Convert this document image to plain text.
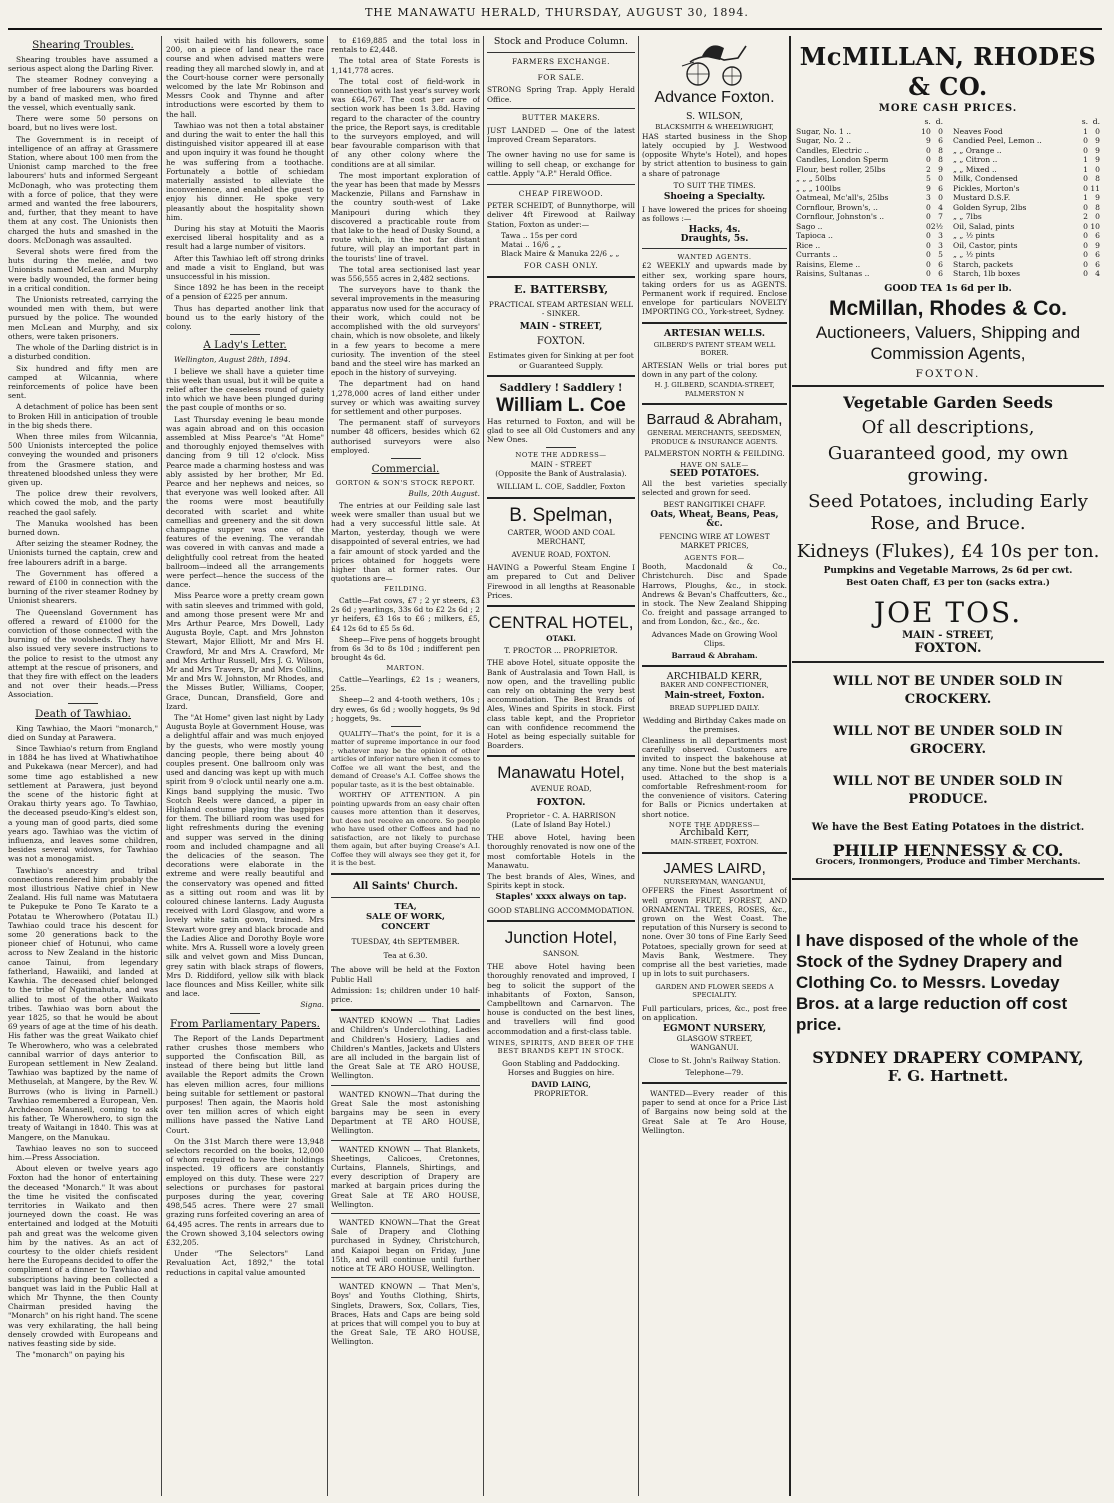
THE MANAWATU HERALD, THURSDAY, AUGUST 30, 1894.
Shearing Troubles.

Shearing troubles have assumed a serious aspect along the Darling River.

The steamer Rodney conveying a number of free labourers was boarded by a band of masked men, who fired the vessel, which eventually sank.

There were some 50 persons on board, but no lives were lost.

The Government is in receipt of intelligence of an affray at Grassmere Station, where about 100 men from the Unionist camp marched to the free labourers' huts and informed Sergeant McDonagh, who was protecting them with a force of police, that they were armed and wanted the free labourers, and, further, that they meant to have them at any cost. The Unionists then charged the huts and smashed in the doors. McDonagh was assaulted.

Several shots were fired from the huts during the melée, and two Unionists named McLean and Murphy were badly wounded, the former being in a critical condition.

The Unionists retreated, carrying the wounded men with them, but were pursued by the police. The wounded men McLean and Murphy, and six others, were taken prisoners.

The whole of the Darling district is in a disturbed condition.

Six hundred and fifty men are camped at Wilcannia, where reinforcements of police have been sent.

A detachment of police has been sent to Broken Hill in anticipation of trouble in the big sheds there.

When three miles from Wilcannia, 500 Unionists intercepted the police conveying the wounded and prisoners from the Grasmere station, and threatened bloodshed unless they were given up.

The police drew their revolvers, which cowed the mob, and the party reached the gaol safely.

The Manuka woolshed has been burned down.

After seizing the steamer Rodney, the Unionists turned the captain, crew and free labourers adrift in a barge.

The Government has offered a reward of £100 in connection with the burning of the river steamer Rodney by Unionist shearers.

The Queensland Government has offered a reward of £1000 for the conviction of those connected with the burning of the woolsheds. They have also issued very severe instructions to the police to resist to the utmost any attempt at the rescue of prisoners, and that they fire with effect on the leaders and not over their heads.—Press Association.

Death of Tawhiao.

King Tawhiao, the Maori "monarch," died on Sunday at Parawera.

Since Tawhiao's return from England in 1884 he has lived at Whatiwhatihoe and Pukekawa (near Mercer), and had some time ago established a new settlement at Parawera, just beyond the scene of the historic fight at Orakau thirty years ago. To Tawhiao, the deceased pseudo-King's eldest son, a young man of good parts, died some years ago. Tawhiao was the victim of influenza, and leaves some children, besides several widows, for Tawhiao was not a monogamist.

Tawhiao's ancestry and tribal connections rendered him probably the most illustrious Native chief in New Zealand. His full name was Matutaera te Pukepuke te Pono Te Karato te a Potatau te Wherowhero (Potatau II.) Tawhiao could trace his descent for some 20 generations back to the pioneer chief of Hotunui, who came across to New Zealand in the historic canoe Tainui, from legendary fatherland, Hawaiiki, and landed at Kawhia. The deceased chief belonged to the tribe of Ngatimahuta, and was allied to most of the other Waikato tribes. Tawhiao was born about the year 1825, so that he would be about 69 years of age at the time of his death. His father was the great Waikato chief Te Wherowhero, who was a celebrated cannibal warrior of days anterior to European settlement in New Zealand. Tawhiao was baptized by the name of Methuselah, at Mangere, by the Rev. W. Burrows (who is living in Parnell.) Tawhiao remembered a European, Ven. Archdeacon Maunsell, coming to ask his father, Te Wherowhero, to sign the treaty of Waitangi in 1840. This was at Mangere, on the Manukau.

Tawhiao leaves no son to succeed him.—Press Association.

About eleven or twelve years ago Foxton had the honor of entertaining the deceased "Monarch." It was about the time he visited the confiscated territories in Waikato and then journeyed down the coast. He was entertained and lodged at the Motuiti pah and great was the welcome given him by the natives. As an act of courtesy to the older chiefs resident here the Europeans decided to offer the compliment of a dinner to Tawhiao and subscriptions having been collected a banquet was laid in the Public Hall at which Mr Thynne, the then County Chairman presided having the "Monarch" on his right hand. The scene was very exhilarating, the hall being densely crowded with Europeans and natives feasting side by side.

The "monarch" on paying his

visit hailed with his followers, some 200, on a piece of land near the race course and when advised matters were reading they all marched slowly in, and at the Court-house corner were personally welcomed by the late Mr Robinson and Messrs Cook and Thynne and after introductions were escorted by them to the hall.

Tawhiao was not then a total abstainer and during the wait to enter the hall this distinguished visitor appeared ill at ease and upon inquiry it was found he thought he was suffering from a toothache. Fortunately a bottle of schiedam materially assisted to alleviate the inconvenience, and enabled the guest to enjoy his dinner. He spoke very pleasantly about the hospitality shown him.

During his stay at Motuiti the Maoris exercised liberal hospitality and as a result had a large number of visitors.

After this Tawhiao left off strong drinks and made a visit to England, but was unsuccessful in his mission.

Since 1892 he has been in the receipt of a pension of £225 per annum.

Thus has departed another link that bound us to the early history of the colony.

A Lady's Letter.

Wellington, August 28th, 1894.

I believe we shall have a quieter time this week than usual, but it will be quite a relief after the ceaseless round of gaiety into which we have been plunged during the past couple of months or so.

Last Thursday evening le beau monde was again abroad and on this occasion assembled at Miss Pearce's "At Home" and thoroughly enjoyed themselves with dancing from 9 till 12 o'clock. Miss Pearce made a charming hostess and was ably assisted by her brother, Mr Ed. Pearce and her nephews and neices, so that everyone was well looked after. All the rooms were most beautifully decorated with scarlet and white camellias and greenery and the sit down champagne supper was one of the features of the evening. The verandah was covered in with canvas and made a delightfully cool retreat from the heated ballroom—indeed all the arrangements were perfect—hence the success of the dance.

Miss Pearce wore a pretty cream gown with satin sleeves and trimmed with gold, and among those present were Mr and Mrs Arthur Pearce, Mrs Dowell, Lady Augusta Boyle, Capt. and Mrs Johnston Stewart, Major Elliott, Mr and Mrs H. Crawford, Mr and Mrs A. Crawford, Mr and Mrs Arthur Russell, Mrs J. G. Wilson, Mr and Mrs Travers, Dr and Mrs Collins, Mr and Mrs W. Johnston, Mr Rhodes, and the Misses Butler, Williams, Cooper, Grace, Duncan, Dransfield, Gore and Izard.

The "At Home" given last night by Lady Augusta Boyle at Government House, was a delightful affair and was much enjoyed by the guests, who were mostly young dancing people, there being about 40 couples present. One ballroom only was used and dancing was kept up with much spirit from 9 o'clock until nearly one a.m. Kings band supplying the music. Two Scotch Reels were danced, a piper in Highland costume playing the bagpipes for them. The billiard room was used for light refreshments during the evening and supper was served in the dining room and included champagne and all the delicacies of the season. The decorations were elaborate in the extreme and were really beautiful and the conservatory was opened and fitted as a sitting out room and was lit by coloured chinese lanterns. Lady Augusta received with Lord Glasgow, and wore a lovely white satin gown, trained. Mrs Stewart wore grey and black brocade and the Ladies Alice and Dorothy Boyle wore white. Mrs A. Russell wore a lovely green silk and velvet gown and Miss Duncan, grey satin with black straps of flowers, Mrs D. Riddiford, yellow silk with black lace flounces and Miss Keiller, white silk and lace.

Signa.

From Parliamentary Papers.

The Report of the Lands Department rather crushes those members who supported the Confiscation Bill, as instead of there being but little land available the Report admits the Crown has eleven million acres, four millions being suitable for settlement or pastoral purposes! Then again, the Maoris hold over ten million acres of which eight millions have passed the Native Land Court.

On the 31st March there were 13,948 selectors recorded on the books, 12,000 of whom required to have their holdings inspected. 19 officers are constantly employed on this duty. These were 227 selections or purchases for pastoral purposes during the year, covering 498,545 acres. There were 27 small grazing runs forfeited covering an area of 64,495 acres. The rents in arrears due to the Crown showed 3,104 selectors owing £32,205.

Under "The Selectors" Land Revaluation Act, 1892," the total reductions in capital value amounted

to £169,885 and the total loss in rentals to £2,448.

The total area of State Forests is 1,141,778 acres.

The total cost of field-work in connection with last year's survey work was £64,767. The cost per acre of section work has been 1s 3.8d. Having regard to the character of the country the price, the Report says, is creditable to the surveyors employed, and will bear favourable comparison with that of any other colony where the conditions are at all similar.

The most important exploration of the year has been that made by Messrs Mackenzie, Pillans and Farnshaw in the country south-west of Lake Manipouri during which they discovered a practicable route from that lake to the head of Dusky Sound, a route which, in the not far distant future, will play an important part in the tourists' line of travel.

The total area sectionised last year was 556,555 acres in 2,482 sections.

The surveyors have to thank the several improvements in the measuring apparatus now used for the accuracy of their work, which could not be accomplished with the old surveyors' chain, which is now obsolete, and likely in a few years to become a mere curiosity. The invention of the steel band and the steel wire has marked an epoch in the history of surveying.

The department had on hand 1,278,000 acres of land either under survey or which was awaiting survey for settlement and other purposes.

The permanent staff of surveyors number 48 officers, besides which 62 authorised surveyors were also employed.

Commercial.

GORTON & SON'S STOCK REPORT.

Bulls, 20th August.

The entries at our Feilding sale last week were smaller than usual but we had a very successful little sale. At Marton, yesterday, though we were disappointed of several entries, we had a fair amount of stock yarded and the prices obtained for hoggets were higher than at former rates. Our quotations are—

FEILDING.

Cattle—Fat cows, £7 ; 2 yr steers, £3 2s 6d ; yearlings, 33s 6d to £2 2s 6d ; 2 yr heifers, £3 16s to £6 ; milkers, £5, £4 12s 6d to £5 5s 6d.

Sheep—Five pens of hoggets brought from 6s 3d to 8s 10d ; indifferent pen brought 4s 6d.

MARTON.

Cattle—Yearlings, £2 1s ; weaners, 25s.

Sheep—2 and 4-tooth wethers, 10s ; dry ewes, 6s 6d ; woolly hoggets, 9s 9d ; hoggets, 9s.

QUALITY—That's the point, for it is a matter of supreme importance in our food ; whatever may be the opinion of other articles of inferior nature when it comes to Coffee we all want the best, and the demand of Crease's A.I. Coffee shows the popular taste, as it is the best obtainable.

WORTHY OF ATTENTION. A pin pointing upwards from an easy chair often causes more attention than it deserves, but does not receive an encore. So people who have used other Coffees and had no satisfaction, are not likely to purchase them again, but after buying Crease's A.I. Coffee they will always see they get it, for it is the best.

All Saints' Church.
TEA,
SALE OF WORK,
CONCERT
TUESDAY, 4th SEPTEMBER.
Tea at 6.30.

The above will be held at the Foxton Public Hall

Admission: 1s; children under 10 half-price.

WANTED KNOWN — That Ladies and Children's Underclothing, Ladies and Children's Hosiery, Ladies and Children's Mantles, Jackets and Ulsters are all included in the bargain list of the Great Sale at TE ARO HOUSE, Wellington.

WANTED KNOWN—That during the Great Sale the most astonishing bargains may be seen in every Department at TE ARO HOUSE, Wellington.

WANTED KNOWN — That Blankets, Sheetings, Calicoes, Cretonnes, Curtains, Flannels, Shirtings, and every description of Drapery are marked at bargain prices during the Great Sale at TE ARO HOUSE, Wellington.

WANTED KNOWN—That the Great Sale of Drapery and Clothing purchased in Sydney, Christchurch, and Kaiapoi began on Friday, June 15th, and will continue until further notice at TE ARO HOUSE, Wellington.

WANTED KNOWN — That Men's, Boys' and Youths Clothing, Shirts, Singlets, Drawers, Sox, Collars, Ties, Braces, Hats and Caps are being sold at prices that will compel you to buy at the Great Sale, TE ARO HOUSE, Wellington.

Stock and Produce Column.
FARMERS EXCHANGE.
FOR SALE.

STRONG Spring Trap. Apply Herald Office.

BUTTER MAKERS.

JUST LANDED — One of the latest Improved Cream Separators.

The owner having no use for same is willing to sell cheap, or exchange for cattle. Apply "A.P." Herald Office.

CHEAP FIREWOOD.

PETER SCHEIDT, of Bunnythorpe, will deliver 4ft Firewood at Railway Station, Foxton as under:—

Tawa .. 15s per cord
Matai .. 16/6 „ „
Black Maire & Manuka 22/6 „ „
FOR CASH ONLY.
E. BATTERSBY,
PRACTICAL STEAM ARTESIAN WELL - SINKER.
MAIN - STREET,
FOXTON.
Estimates given for Sinking at per foot or Guaranteed Supply.
Saddlery ! Saddlery !
William L. Coe

Has returned to Foxton, and will be glad to see all Old Customers and any New Ones.

NOTE THE ADDRESS—
MAIN - STREET
(Opposite the Bank of Australasia).
WILLIAM L. COE, Saddler, Foxton
B. Spelman,
CARTER, WOOD AND COAL MERCHANT,
AVENUE ROAD, FOXTON.

HAVING a Powerful Steam Engine I am prepared to Cut and Deliver Firewood in all lengths at Reasonable Prices.

CENTRAL HOTEL,
OTAKI.
T. PROCTOR ... PROPRIETOR.

THE above Hotel, situate opposite the Bank of Australasia and Town Hall, is now open, and the travelling public can rely on obtaining the very best accommodation. The Best Brands of Ales, Wines and Spirits in stock. First class table kept, and the Proprietor can with confidence recommend the Hotel as being especially suitable for Boarders.

Manawatu Hotel,
AVENUE ROAD,
FOXTON.
Proprietor - C. A. HARRISON
(Late of Island Bay Hotel.)

THE above Hotel, having been thoroughly renovated is now one of the most comfortable Hotels in the Manawatu.

The best brands of Ales, Wines, and Spirits kept in stock.

Staples' xxxx always on tap.
GOOD STABLING ACCOMMODATION.
Junction Hotel,
SANSON.

THE above Hotel having been thoroughly renovated and improved, I beg to solicit the support of the inhabitants of Foxton, Sanson, Campbelltown and Carnarvon. The house is conducted on the best lines, and travellers will find good accommodation and a first-class table.

WINES, SPIRITS, AND BEER OF THE BEST BRANDS KEPT IN STOCK.
Goon Stabling and Paddocking.
Horses and Buggies on hire.
DAVID LAING,
PROPRIETOR.
Advance Foxton.
S. WILSON,
BLACKSMITH & WHEELWRIGHT,

HAS started business in the Shop lately occupied by J. Westwood (opposite Whyte's Hotel), and hopes by strict attention to business to gain a share of patronage

TO SUIT THE TIMES.
Shoeing a Specialty.

I have lowered the prices for shoeing as follows :—

Hacks, 4s.
Draughts, 5s.
WANTED AGENTS.

£2 WEEKLY and upwards made by either sex, working spare hours, taking orders for us as AGENTS. Permanent work if required. Enclose envelope for particulars NOVELTY IMPORTING CO., York-street, Sydney.

ARTESIAN WELLS.
GILBERD'S PATENT STEAM WELL BORER.

ARTESIAN Wells or trial bores put down in any part of the colony.

H. J. GILBERD, SCANDIA-STREET, PALMERSTON N
Barraud & Abraham,
GENERAL MERCHANTS, SEEDSMEN, PRODUCE & INSURANCE AGENTS.
PALMERSTON NORTH & FEILDING.
HAVE ON SALE—
SEED POTATOES.

All the best varieties specially selected and grown for seed.

BEST RANGITIKEI CHAFF.
Oats, Wheat, Beans, Peas, &c.
FENCING WIRE AT LOWEST MARKET PRICES,
AGENTS FOR—

Booth, Macdonald & Co., Christchurch. Disc and Spade Harrows, Ploughs, &c., in stock. Andrews & Bevan's Chaffcutters, &c., in stock. The New Zealand Shipping Co. freight and passage arranged to and from London, &c., &c., &c.

Advances Made on Growing Wool Clips.
Barraud & Abraham.
ARCHIBALD KERR,
BAKER AND CONFECTIONER,
Main-street, Foxton.
BREAD SUPPLIED DAILY.

Wedding and Birthday Cakes made on the premises.

Cleanliness in all departments most carefully observed. Customers are invited to inspect the bakehouse at any time. None but the best materials used. Attached to the shop is a comfortable Refreshment-room for the convenience of visitors. Catering for Balls or Picnics undertaken at short notice.

NOTE THE ADDRESS—
Archibald Kerr,
MAIN-STREET, FOXTON.
JAMES LAIRD,
NURSERYMAN, WANGANUI,

OFFERS the Finest Assortment of well grown FRUIT, FOREST, AND ORNAMENTAL TREES, ROSES, &c., grown on the West Coast. The reputation of this Nursery is second to none. Over 30 tons of Fine Early Seed Potatoes, specially grown for seed at Mavis Bank, Westmere. They comprise all the best varieties, made up in lots to suit purchasers.

GARDEN AND FLOWER SEEDS A SPECIALITY.

Full particulars, prices, &c., post free on application.

EGMONT NURSERY,
GLASGOW STREET,
WANGANUI.
Close to St. John's Railway Station.
Telephone—79.

WANTED—Every reader of this paper to send at once for a Price List of Bargains now being sold at the Great Sale at Te Aro House, Wellington.

McMILLAN, RHODES & CO.
MORE CASH PRICES.
	s.	d.
Sugar, No. 1 ..	10	0
Sugar, No. 2 ..	9	6
Candles, Electric ..	0	8
Candles, London Sperm	0	8
Flour, best roller, 25lbs	2	9
„ „ „ 50lbs	5	0
„ „ „ 100lbs	9	6
Oatmeal, Mc'all's, 25lbs	3	0
Cornflour, Brown's, ..	0	4
Cornflour, Johnston's ..	0	7
Sago ..	0	2½
Tapioca ..	0	3
Rice ..	0	3
Currants ..	0	5
Raisins, Eleme ..	0	6
Raisins, Sultanas ..	0	6
	s.	d.
Neaves Food	1	0
Candied Peel, Lemon ..	0	9
„ „ Orange ..	0	9
„ „ Citron ..	1	9
„ „ Mixed ..	1	0
Milk, Condensed	0	8
Pickles, Morton's	0	11
Mustard D.S.F.	1	9
Golden Syrup, 2lbs	0	8
„ „ 7lbs	2	0
Oil, Salad, pints	0	10
„ „ ½ pints	0	6
Oil, Castor, pints	0	9
„ „ ½ pints	0	6
Starch, packets	0	6
Starch, 1lb boxes	0	4
GOOD TEA 1s 6d per lb.
McMillan, Rhodes & Co.
Auctioneers, Valuers, Shipping and Commission Agents,
FOXTON.
Vegetable Garden Seeds
Of all descriptions,
Guaranteed good, my own growing.
Seed Potatoes, including Early Rose, and Bruce.
Kidneys (Flukes), £4 10s per ton.
Pumpkins and Vegetable Marrows, 2s 6d per cwt.
Best Oaten Chaff, £3 per ton (sacks extra.)
JOE TOS.
MAIN - STREET,
FOXTON.
WILL NOT BE UNDER SOLD IN CROCKERY.
WILL NOT BE UNDER SOLD IN GROCERY.
WILL NOT BE UNDER SOLD IN PRODUCE.
We have the Best Eating Potatoes in the district.
PHILIP HENNESSY & CO.
Grocers, Ironmongers, Produce and Timber Merchants.
I have disposed of the whole of the Stock of the Sydney Drapery and Clothing Co. to Messrs. Loveday Bros. at a large reduction off cost price.
SYDNEY DRAPERY COMPANY,
F. G. Hartnett.
